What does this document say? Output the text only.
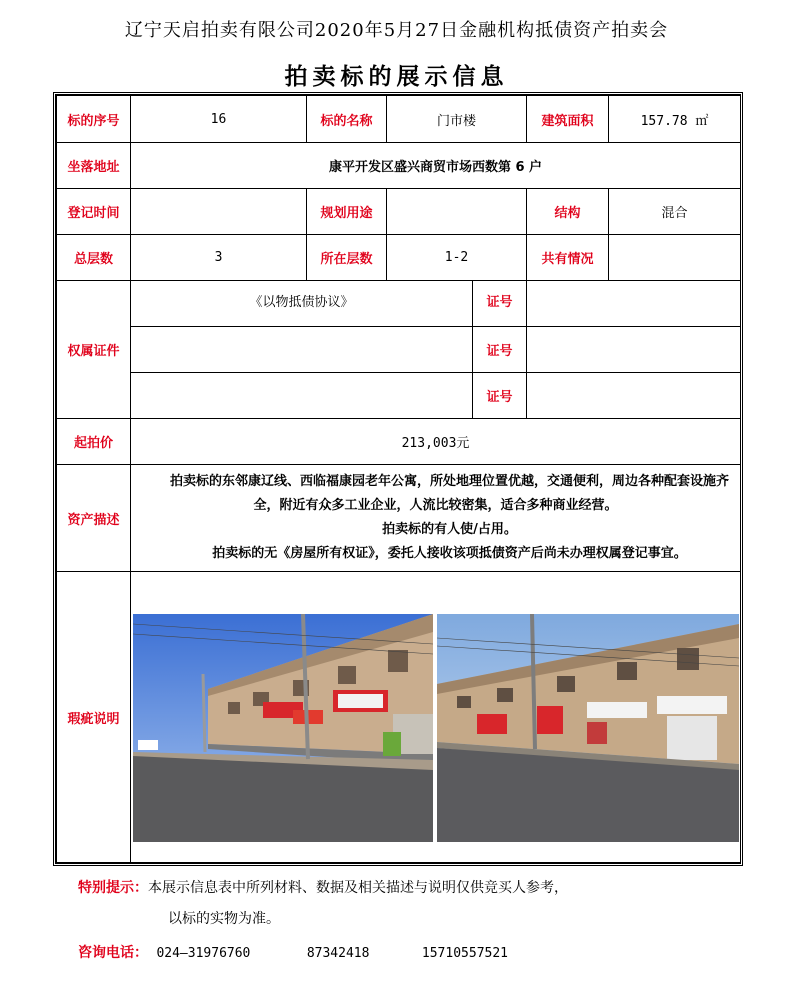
辽宁天启拍卖有限公司2020年5月27日金融机构抵债资产拍卖会
拍卖标的展示信息
标的序号	16	标的名称	门市楼		建筑面积	157.78 ㎡
坐落地址	康平开发区盛兴商贸市场西数第 6 户					
登记时间		规划用途			结构	混合
总层数	3	所在层数	1-2		共有情况	
权属证件	《以物抵债协议》			证号		
				证号		
				证号		
起拍价	213,003元					
资产描述	拍卖标的东邻康辽线、西临福康园老年公寓，所处地理位置优越，交通便利，周边各种配套设施齐全，附近有众多工业企业，人流比较密集，适合多种商业经营。

拍卖标的有人使/占用。

拍卖标的无《房屋所有权证》，委托人接收该项抵债资产后尚未办理权属登记事宜。					

瑕疵说明	
特别提示：本展示信息表中所列材料、数据及相关描述与说明仅供竞买人参考，
以标的实物为准。
咨询电话： 024—31976760	87342418	15710557521
